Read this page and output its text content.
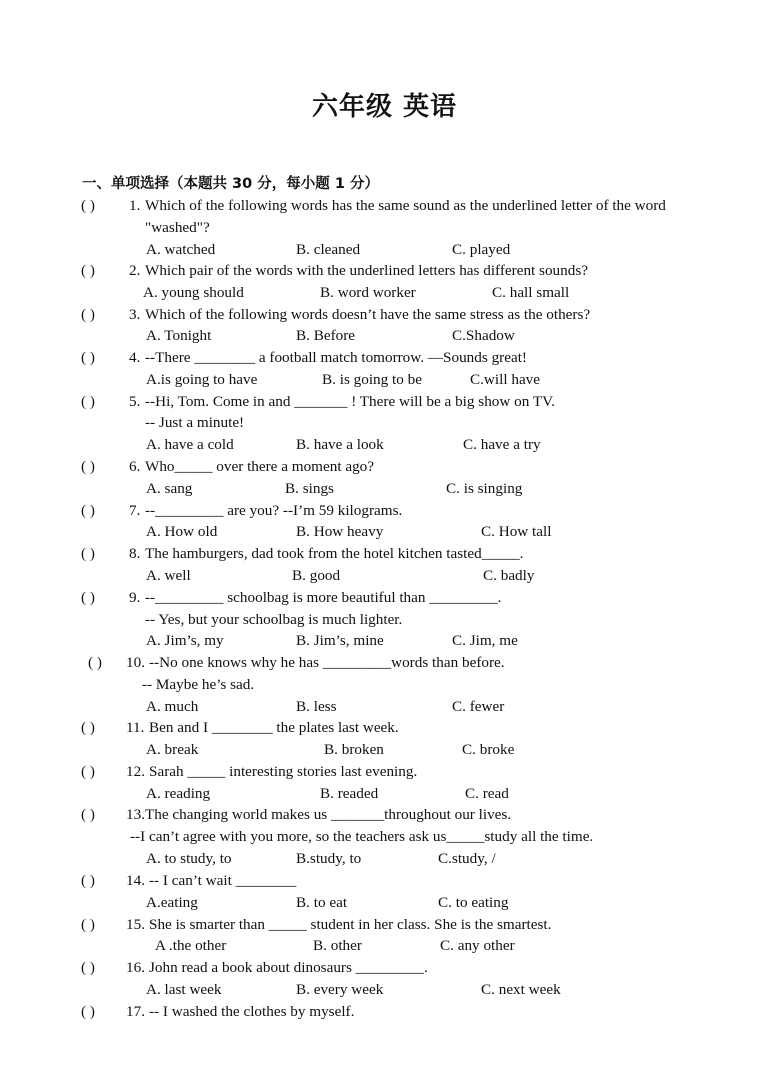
六年级 英语
一、单项选择（本题共 30 分，每小题 1 分）
( ) 1. Which of the following words has the same sound as the underlined letter of the word
"washed"?
A. watched	B. cleaned	C. played
( ) 2. Which pair of the words with the underlined letters has different sounds?
A. young should	B. word worker	C. hall small
( ) 3. Which of the following words doesn’t have the same stress as the others?
A. Tonight	B. Before	C.Shadow
( ) 4. --There ________ a football match tomorrow. —Sounds great!
A.is going to have	B. is going to be	C.will have
( ) 5. --Hi, Tom. Come in and _______ ! There will be a big show on TV.
-- Just a minute!
A. have a cold	B. have a look	C. have a try
( ) 6. Who_____ over there a moment ago?
A. sang	B. sings	C. is singing
( ) 7. --_________ are you? --I’m 59 kilograms.
A. How old	B. How heavy	C. How tall
( ) 8. The hamburgers, dad took from the hotel kitchen tasted_____.
A. well	B. good	C. badly
( ) 9. --_________ schoolbag is more beautiful than _________.
-- Yes, but your schoolbag is much lighter.
A. Jim’s, my	B. Jim’s, mine	C. Jim, me
( ) 10. --No one knows why he has _________words than before.
-- Maybe he’s sad.
A. much	B. less	C. fewer
( ) 11. Ben and I ________ the plates last week.
A. break	B. broken	C. broke
( ) 12. Sarah _____ interesting stories last evening.
A. reading	B. readed	C. read
( ) 13. The changing world makes us _______throughout our lives.
--I can’t agree with you more, so the teachers ask us_____study all the time.
A. to study, to	B.study, to	C.study, /
( ) 14. -- I can’t wait ________
A.eating	B. to eat	C. to eating
( ) 15. She is smarter than _____ student in her class. She is the smartest.
A .the other	B. other	C. any other
( ) 16. John read a book about dinosaurs _________.
A. last week	B. every week	C. next week
( ) 17. -- I washed the clothes by myself.
